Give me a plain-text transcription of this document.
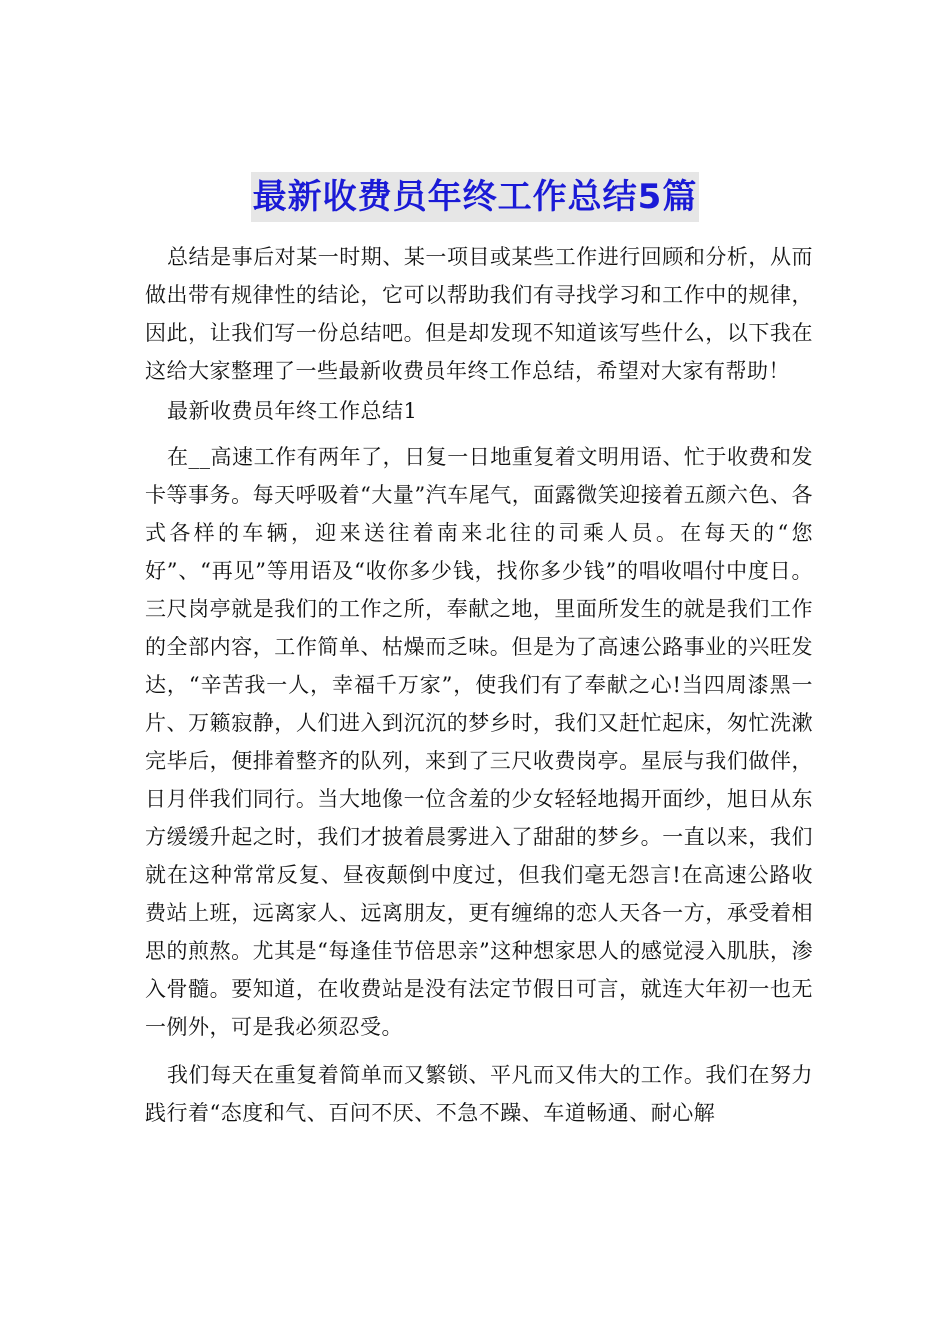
最新收费员年终工作总结5篇

总结是事后对某一时期、某一项目或某些工作进行回顾和分析，从而做出带有规律性的结论，它可以帮助我们有寻找学习和工作中的规律，因此，让我们写一份总结吧。但是却发现不知道该写些什么，以下我在这给大家整理了一些最新收费员年终工作总结，希望对大家有帮助！

最新收费员年终工作总结1

在__高速工作有两年了，日复一日地重复着文明用语、忙于收费和发卡等事务。每天呼吸着“大量”汽车尾气，面露微笑迎接着五颜六色、各式各样的车辆，迎来送往着南来北往的司乘人员。在每天的“您好”、“再见”等用语及“收你多少钱，找你多少钱”的唱收唱付中度日。三尺岗亭就是我们的工作之所，奉献之地，里面所发生的就是我们工作的全部内容，工作简单、枯燥而乏味。但是为了高速公路事业的兴旺发达，“辛苦我一人，幸福千万家”，使我们有了奉献之心!当四周漆黑一片、万籁寂静，人们进入到沉沉的梦乡时，我们又赶忙起床，匆忙洗漱完毕后，便排着整齐的队列，来到了三尺收费岗亭。星辰与我们做伴，日月伴我们同行。当大地像一位含羞的少女轻轻地揭开面纱，旭日从东方缓缓升起之时，我们才披着晨雾进入了甜甜的梦乡。一直以来，我们就在这种常常反复、昼夜颠倒中度过，但我们毫无怨言!在高速公路收费站上班，远离家人、远离朋友，更有缠绵的恋人天各一方，承受着相思的煎熬。尤其是“每逢佳节倍思亲”这种想家思人的感觉浸入肌肤，渗入骨髓。要知道，在收费站是没有法定节假日可言，就连大年初一也无一例外，可是我必须忍受。

我们每天在重复着简单而又繁锁、平凡而又伟大的工作。我们在努力践行着“态度和气、百问不厌、不急不躁、车道畅通、耐心解
